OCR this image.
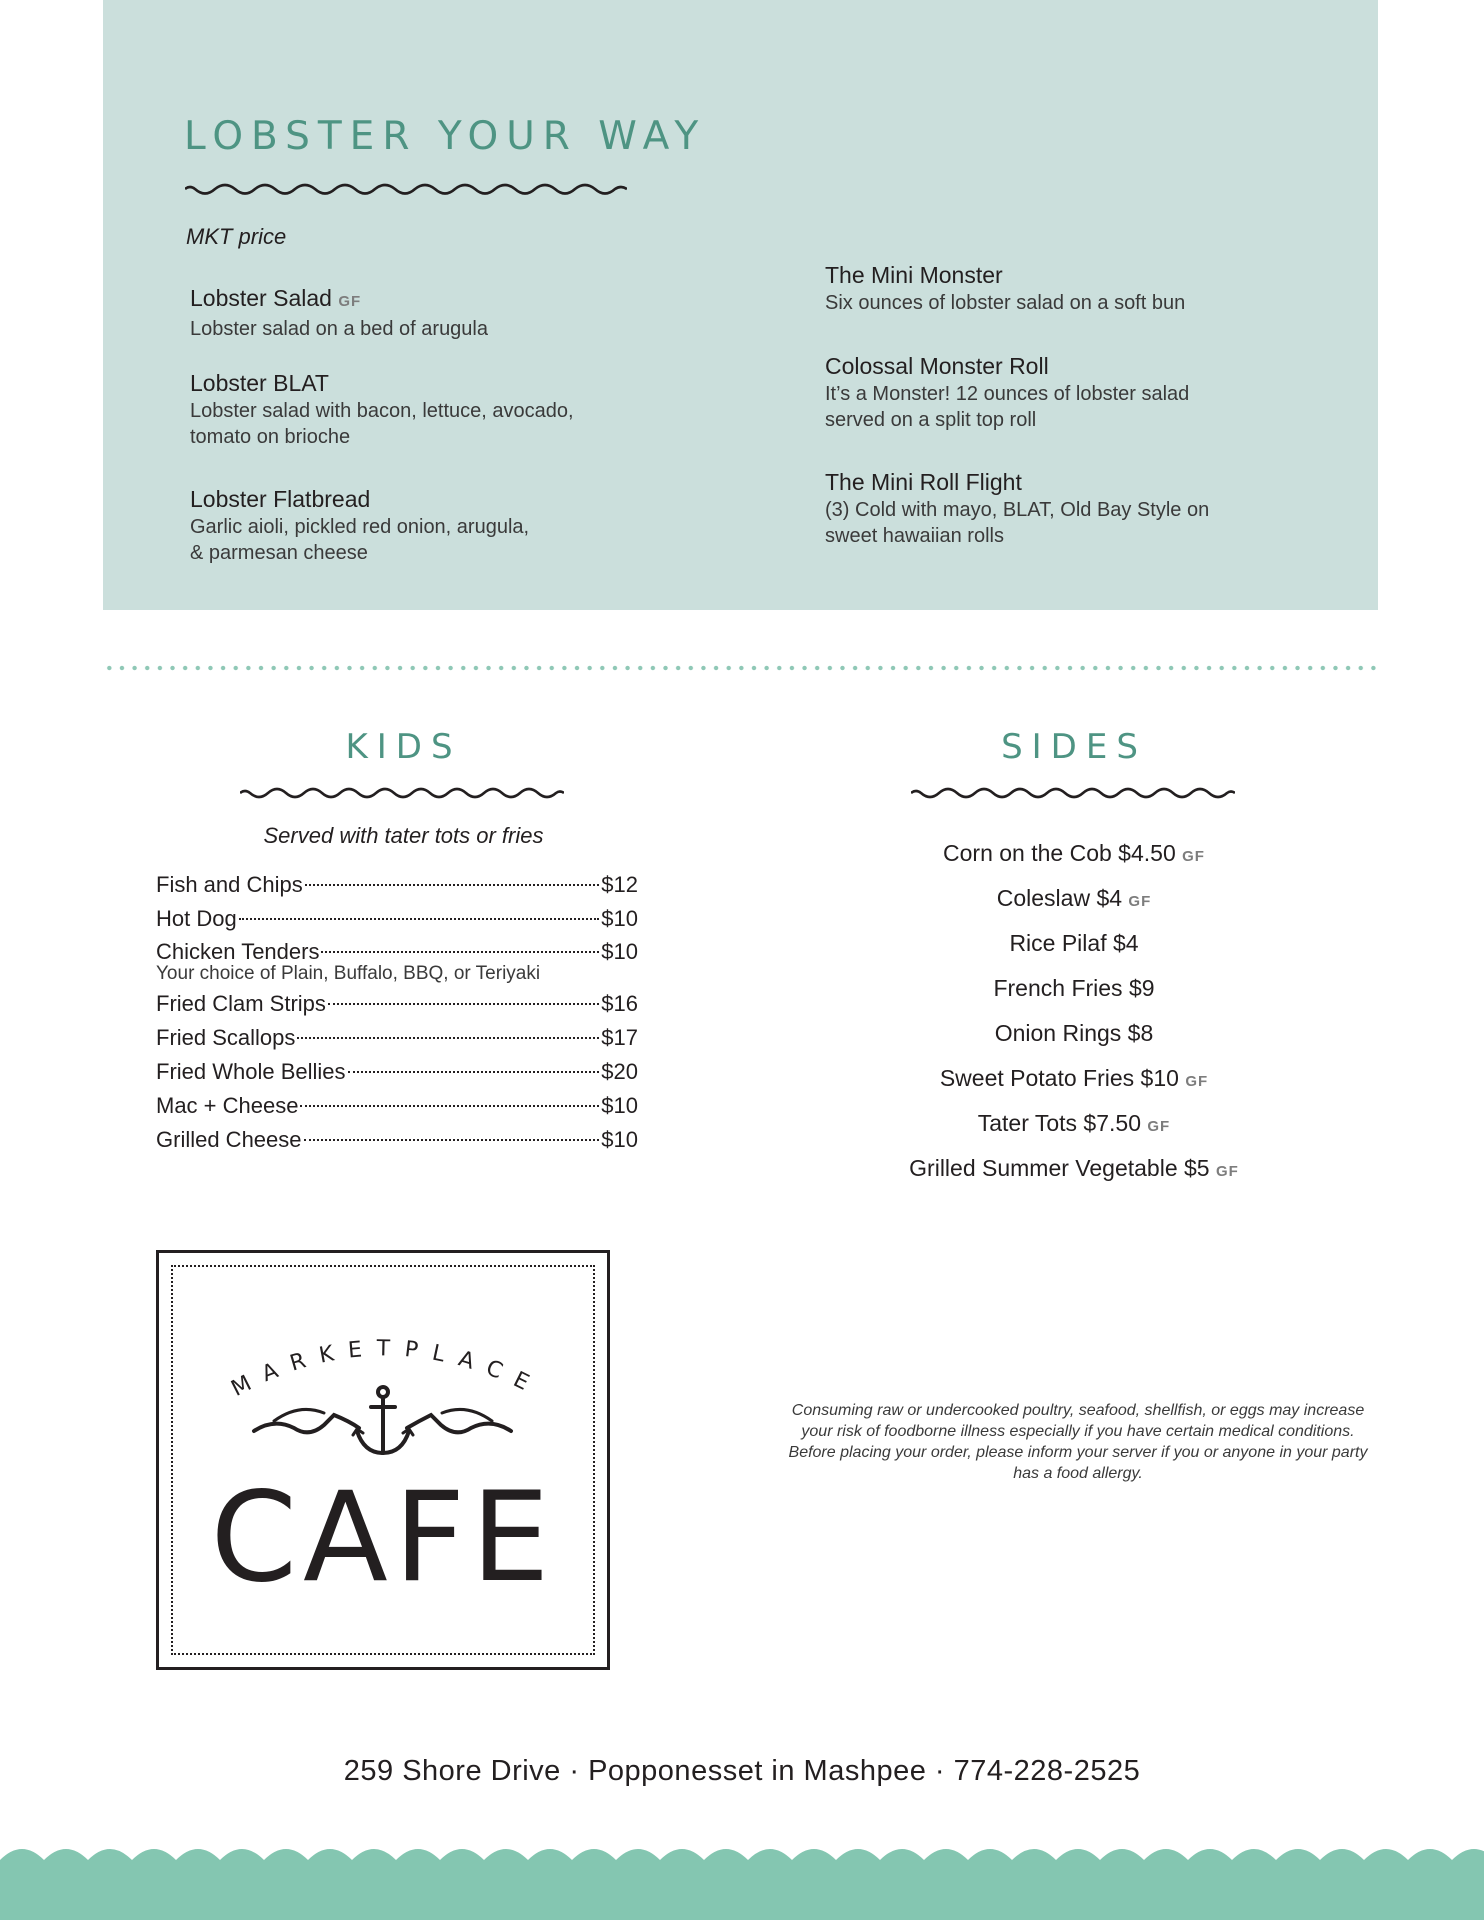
LOBSTER YOUR WAY
MKT price
Lobster Salad GF
Lobster salad on a bed of arugula
Lobster BLAT
Lobster salad with bacon, lettuce, avocado,
tomato on brioche
Lobster Flatbread
Garlic aioli, pickled red onion, arugula,
& parmesan cheese
The Mini Monster
Six ounces of lobster salad on a soft bun
Colossal Monster Roll
It’s a Monster! 12 ounces of lobster salad
served on a split top roll
The Mini Roll Flight
(3) Cold with mayo, BLAT, Old Bay Style on
sweet hawaiian rolls
KIDS
Served with tater tots or fries
Fish and Chips	$12
Hot Dog	$10
Chicken Tenders	$10
Your choice of Plain, Buffalo, BBQ, or Teriyaki
Fried Clam Strips	$16
Fried Scallops	$17
Fried Whole Bellies	$20
Mac + Cheese	$10
Grilled Cheese	$10
SIDES
Corn on the Cob $4.50 GF
Coleslaw $4 GF
Rice Pilaf $4
French Fries $9
Onion Rings $8
Sweet Potato Fries $10 GF
Tater Tots $7.50 GF
Grilled Summer Vegetable $5 GF
MARKETPLACE
CAFE
Consuming raw or undercooked poultry, seafood, shellfish, or eggs may increase your risk of foodborne illness especially if you have certain medical conditions. Before placing your order, please inform your server if you or anyone in your party has a food allergy.
259 Shore Drive · Popponesset in Mashpee · 774-228-2525
